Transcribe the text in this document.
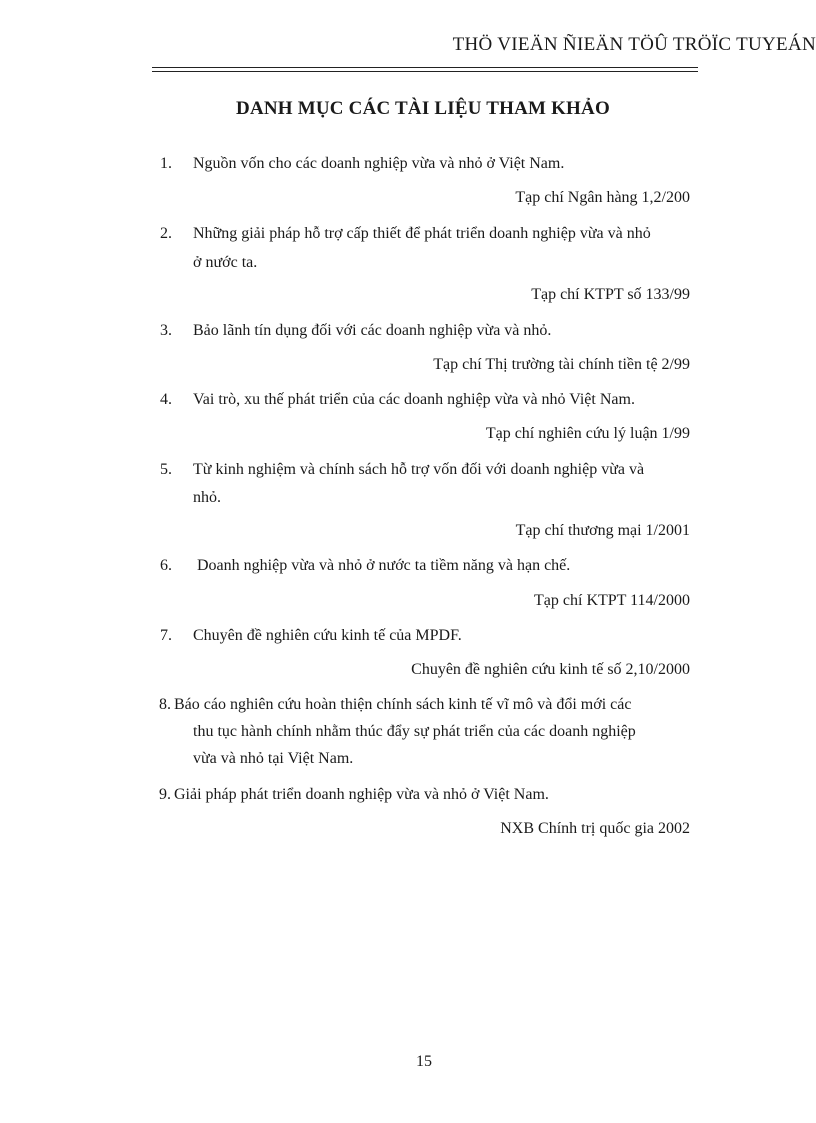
THÖ VIEÄN ÑIEÄN TÖÛ TRÖÏC TUYEÁN
DANH MỤC CÁC TÀI LIỆU THAM KHẢO
1. Nguồn vốn cho các doanh nghiệp vừa và nhỏ ở Việt Nam.
Tạp chí Ngân hàng 1,2/200
2. Những giải pháp hỗ trợ cấp thiết để phát triển doanh nghiệp vừa và nhỏ
ở nước ta.
Tạp chí KTPT số 133/99
3. Bảo lãnh tín dụng đối với các doanh nghiệp vừa và nhỏ.
Tạp chí Thị trường tài chính tiền tệ 2/99
4. Vai trò, xu thế phát triển của các doanh nghiệp vừa và nhỏ Việt Nam.
Tạp chí nghiên cứu lý luận 1/99
5. Từ kinh nghiệm và chính sách hỗ trợ vốn đối với doanh nghiệp vừa và
nhỏ.
Tạp chí thương mại 1/2001
6. Doanh nghiệp vừa và nhỏ ở nước ta tiềm năng và hạn chế.
Tạp chí KTPT 114/2000
7. Chuyên đề nghiên cứu kinh tế của MPDF.
Chuyên đề nghiên cứu kinh tế số 2,10/2000
8. Báo cáo nghiên cứu hoàn thiện chính sách kinh tế vĩ mô và đổi mới các
thu tục hành chính nhằm thúc đẩy sự phát triển của các doanh nghiệp
vừa và nhỏ tại Việt Nam.
9. Giải pháp phát triển doanh nghiệp vừa và nhỏ ở Việt Nam.
NXB Chính trị quốc gia 2002
15
